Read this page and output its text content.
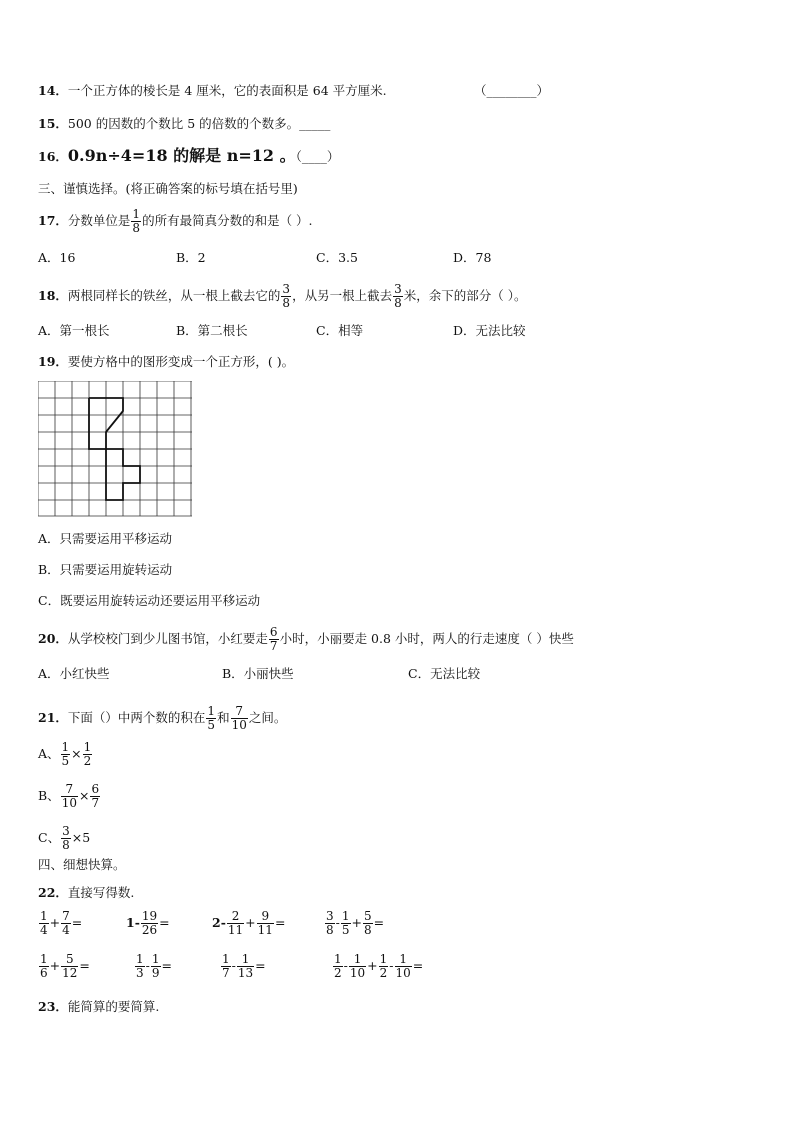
14．一个正方体的棱长是 4 厘米，它的表面积是 64 平方厘米.	（________）
15．500 的因数的个数比 5 的倍数的个数多。_____
16．0.9n÷4=18 的解是 n=12 。（____）
三、谨慎选择。(将正确答案的标号填在括号里)
17．分数单位是 $\frac{1}{8}$ 的所有最简真分数的和是（ ）.
A．16	B．2	C．3.5	D．78
18．两根同样长的铁丝，从一根上截去它的 $\frac{3}{8}$ ，从另一根上截去 $\frac{3}{8}$ 米，余下的部分（ ）。
A．第一根长	B．第二根长	C．相等	D．无法比较
19．要使方格中的图形变成一个正方形，( )。
A．只需要运用平移运动
B．只需要运用旋转运动
C．既要运用旋转运动还要运用平移运动
20．从学校校门到少儿图书馆，小红要走 $\frac{6}{7}$ 小时，小丽要走 0.8 小时，两人的行走速度（ ）快些
A．小红快些	B．小丽快些	C．无法比较
21．下面（）中两个数的积在 $\frac{1}{5}$ 和 $\frac{7}{10}$ 之间。
A、 $\frac{1}{5} \times \frac{1}{2}$
B、 $\frac{7}{10} \times \frac{6}{7}$
C、 $\frac{3}{8} \times 5$
四、细想快算。
22．直接写得数.
$\frac{1}{4} + \frac{7}{4}$ =	$1- \frac{19}{26}$ =	$2- \frac{2}{11} + \frac{9}{11}$ =	$\frac{3}{8} - \frac{1}{5} + \frac{5}{8}$ =
$\frac{1}{6} + \frac{5}{12}$ =	$\frac{1}{3} - \frac{1}{9}$ =	$\frac{1}{7} - \frac{1}{13}$ =	$\frac{1}{2} - \frac{1}{10} + \frac{1}{2} - \frac{1}{10}$ =
23．能简算的要简算.
